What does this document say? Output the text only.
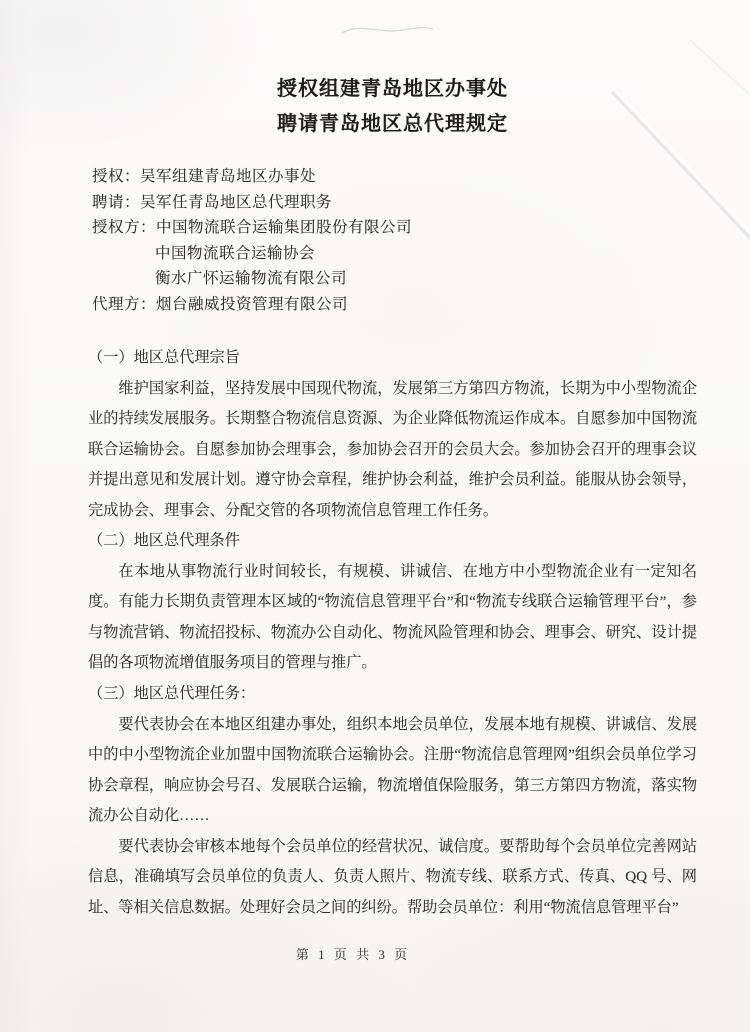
授权组建青岛地区办事处
聘请青岛地区总代理规定
授权：吴军组建青岛地区办事处
聘请：吴军任青岛地区总代理职务
授权方：中国物流联合运输集团股份有限公司
中国物流联合运输协会
衡水广怀运输物流有限公司
代理方：烟台融威投资管理有限公司

（一）地区总代理宗旨

维护国家利益，坚持发展中国现代物流，发展第三方第四方物流，长期为中小型物流企业的持续发展服务。长期整合物流信息资源、为企业降低物流运作成本。自愿参加中国物流联合运输协会。自愿参加协会理事会，参加协会召开的会员大会。参加协会召开的理事会议并提出意见和发展计划。遵守协会章程，维护协会利益，维护会员利益。能服从协会领导，完成协会、理事会、分配交管的各项物流信息管理工作任务。

（二）地区总代理条件

在本地从事物流行业时间较长，有规模、讲诚信、在地方中小型物流企业有一定知名度。有能力长期负责管理本区域的“物流信息管理平台”和“物流专线联合运输管理平台”，参与物流营销、物流招投标、物流办公自动化、物流风险管理和协会、理事会、研究、设计提倡的各项物流增值服务项目的管理与推广。

（三）地区总代理任务：

要代表协会在本地区组建办事处，组织本地会员单位，发展本地有规模、讲诚信、发展中的中小型物流企业加盟中国物流联合运输协会。注册“物流信息管理网”组织会员单位学习协会章程，响应协会号召、发展联合运输，物流增值保险服务，第三方第四方物流，落实物流办公自动化……

要代表协会审核本地每个会员单位的经营状况、诚信度。要帮助每个会员单位完善网站信息，准确填写会员单位的负责人、负责人照片、物流专线、联系方式、传真、QQ 号、网址、等相关信息数据。处理好会员之间的纠纷。帮助会员单位：利用“物流信息管理平台”

第 1 页 共 3 页
